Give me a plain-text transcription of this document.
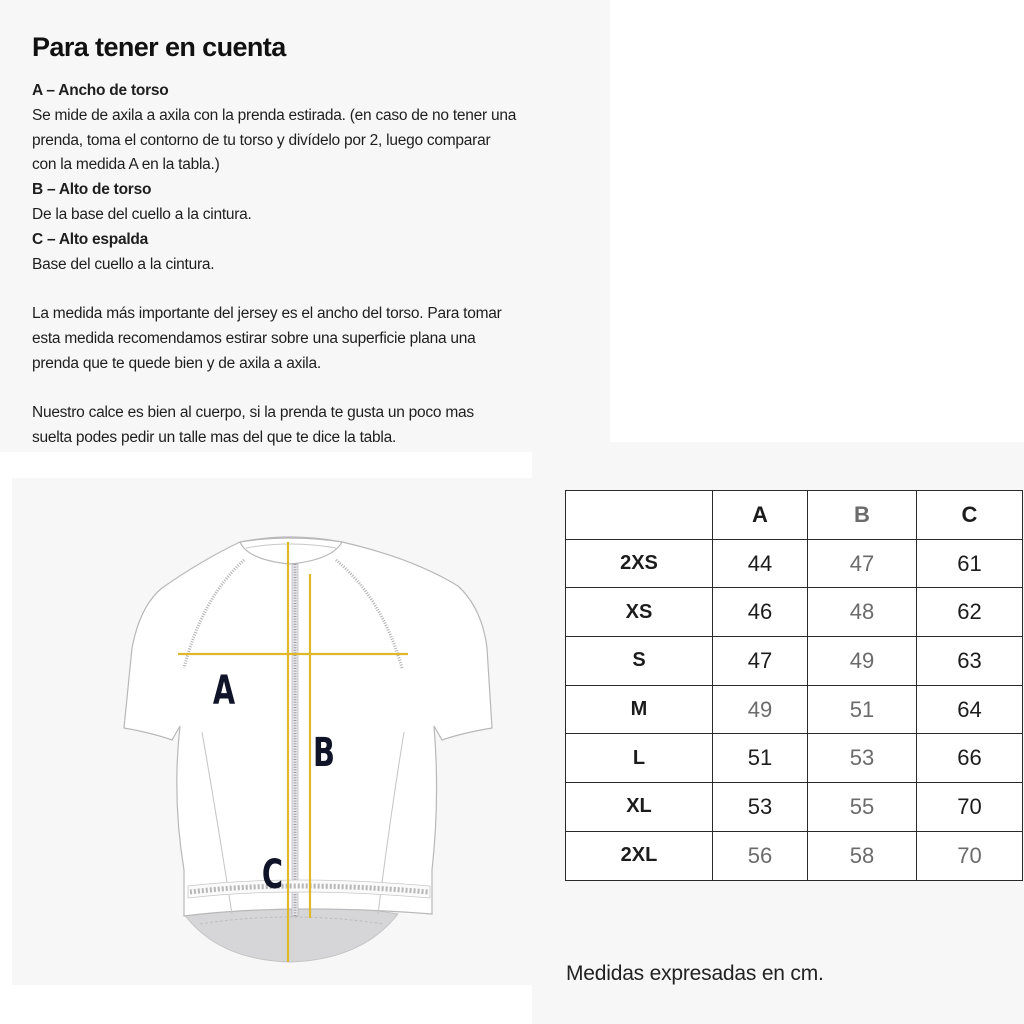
Para tener en cuenta
A – Ancho de torso
Se mide de axila a axila con la prenda estirada. (en caso de no tener una
prenda, toma el contorno de tu torso y divídelo por 2, luego comparar
con la medida A en la tabla.)
B – Alto de torso
De la base del cuello a la cintura.
C – Alto espalda
Base del cuello a la cintura.
La medida más importante del jersey es el ancho del torso. Para tomar
esta medida recomendamos estirar sobre una superficie plana una
prenda que te quede bien y de axila a axila.
Nuestro calce es bien al cuerpo, si la prenda te gusta un poco mas
suelta podes pedir un talle mas del que te dice la tabla.
A
B
C
	A	B	C
2XS	44	47	61
XS	46	48	62
S	47	49	63
M	49	51	64
L	51	53	66
XL	53	55	70
2XL	56	58	70
Medidas expresadas en cm.
